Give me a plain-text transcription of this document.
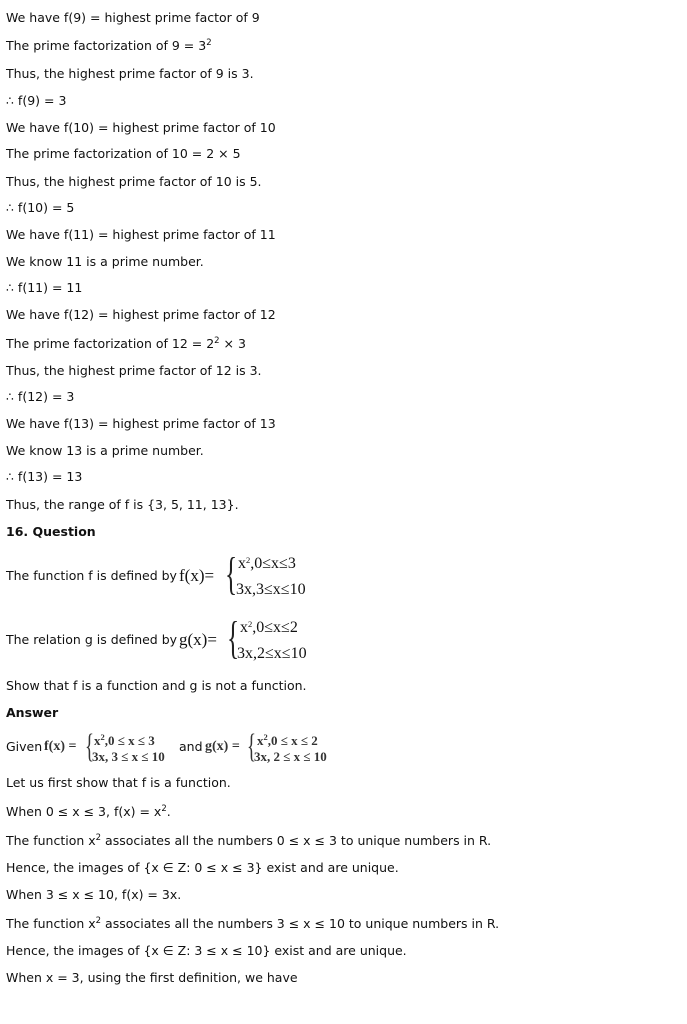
We have f(9) = highest prime factor of 9
The prime factorization of $9 = 3^2$
Thus, the highest prime factor of 9 is 3.
∴ f(9) = 3
We have f(10) = highest prime factor of 10
The prime factorization of 10 = 2 × 5
Thus, the highest prime factor of 10 is 5.
∴ f(10) = 5
We have f(11) = highest prime factor of 11
We know 11 is a prime number.
∴ f(11) = 11
We have f(12) = highest prime factor of 12
The prime factorization of $12 = 2^2 \times 3$
Thus, the highest prime factor of 12 is 3.
∴ f(12) = 3
We have f(13) = highest prime factor of 13
We know 13 is a prime number.
∴ f(13) = 13
Thus, the range of f is {3, 5, 11, 13}.
16. Question
The function f is defined by f(x)= { $x^2,0\le x\le 3$
3x,3≤x≤10
The relation g is defined by g(x)= { $x^2,0\le x\le 2$
3x,2≤x≤10
Show that f is a function and g is not a function.
Answer
Given f(x) = { $x^2,0 \le x \le 3$
3x, 3 ≤ x ≤ 10
and g(x) = { $x^2,0 \le x \le 2$
3x, 2 ≤ x ≤ 10
Let us first show that f is a function.
When 0 ≤ x ≤ 3, $f(x) = x^2$.
The function $x^2$ associates all the numbers 0 ≤ x ≤ 3 to unique numbers in R.
Hence, the images of {x ∈ Z: 0 ≤ x ≤ 3} exist and are unique.
When 3 ≤ x ≤ 10, f(x) = 3x.
The function $x^2$ associates all the numbers 3 ≤ x ≤ 10 to unique numbers in R.
Hence, the images of {x ∈ Z: 3 ≤ x ≤ 10} exist and are unique.
When x = 3, using the first definition, we have
